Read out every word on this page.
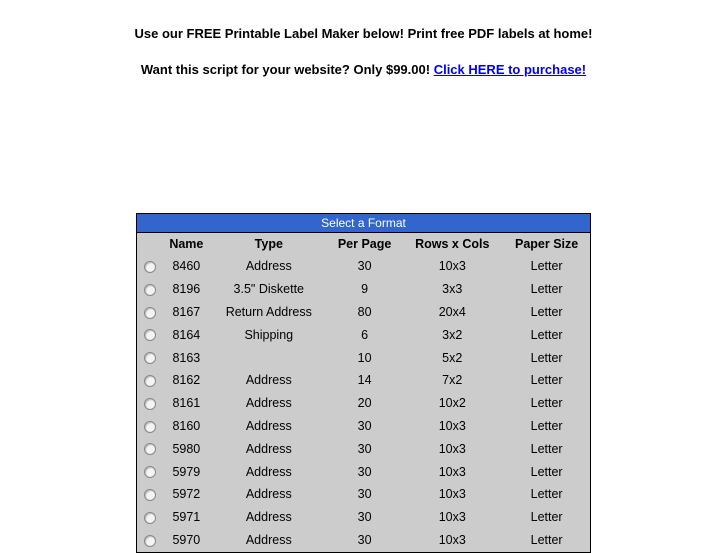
Use our FREE Printable Label Maker below! Print free PDF labels at home!
Want this script for your website? Only $99.00! Click HERE to purchase!
Select a Format
	Name	Type	Per Page	Rows x Cols	Paper Size
	8460	Address	30	10x3	Letter
	8196	3.5" Diskette	9	3x3	Letter
	8167	Return Address	80	20x4	Letter
	8164	Shipping	6	3x2	Letter
	8163		10	5x2	Letter
	8162	Address	14	7x2	Letter
	8161	Address	20	10x2	Letter
	8160	Address	30	10x3	Letter
	5980	Address	30	10x3	Letter
	5979	Address	30	10x3	Letter
	5972	Address	30	10x3	Letter
	5971	Address	30	10x3	Letter
	5970	Address	30	10x3	Letter
